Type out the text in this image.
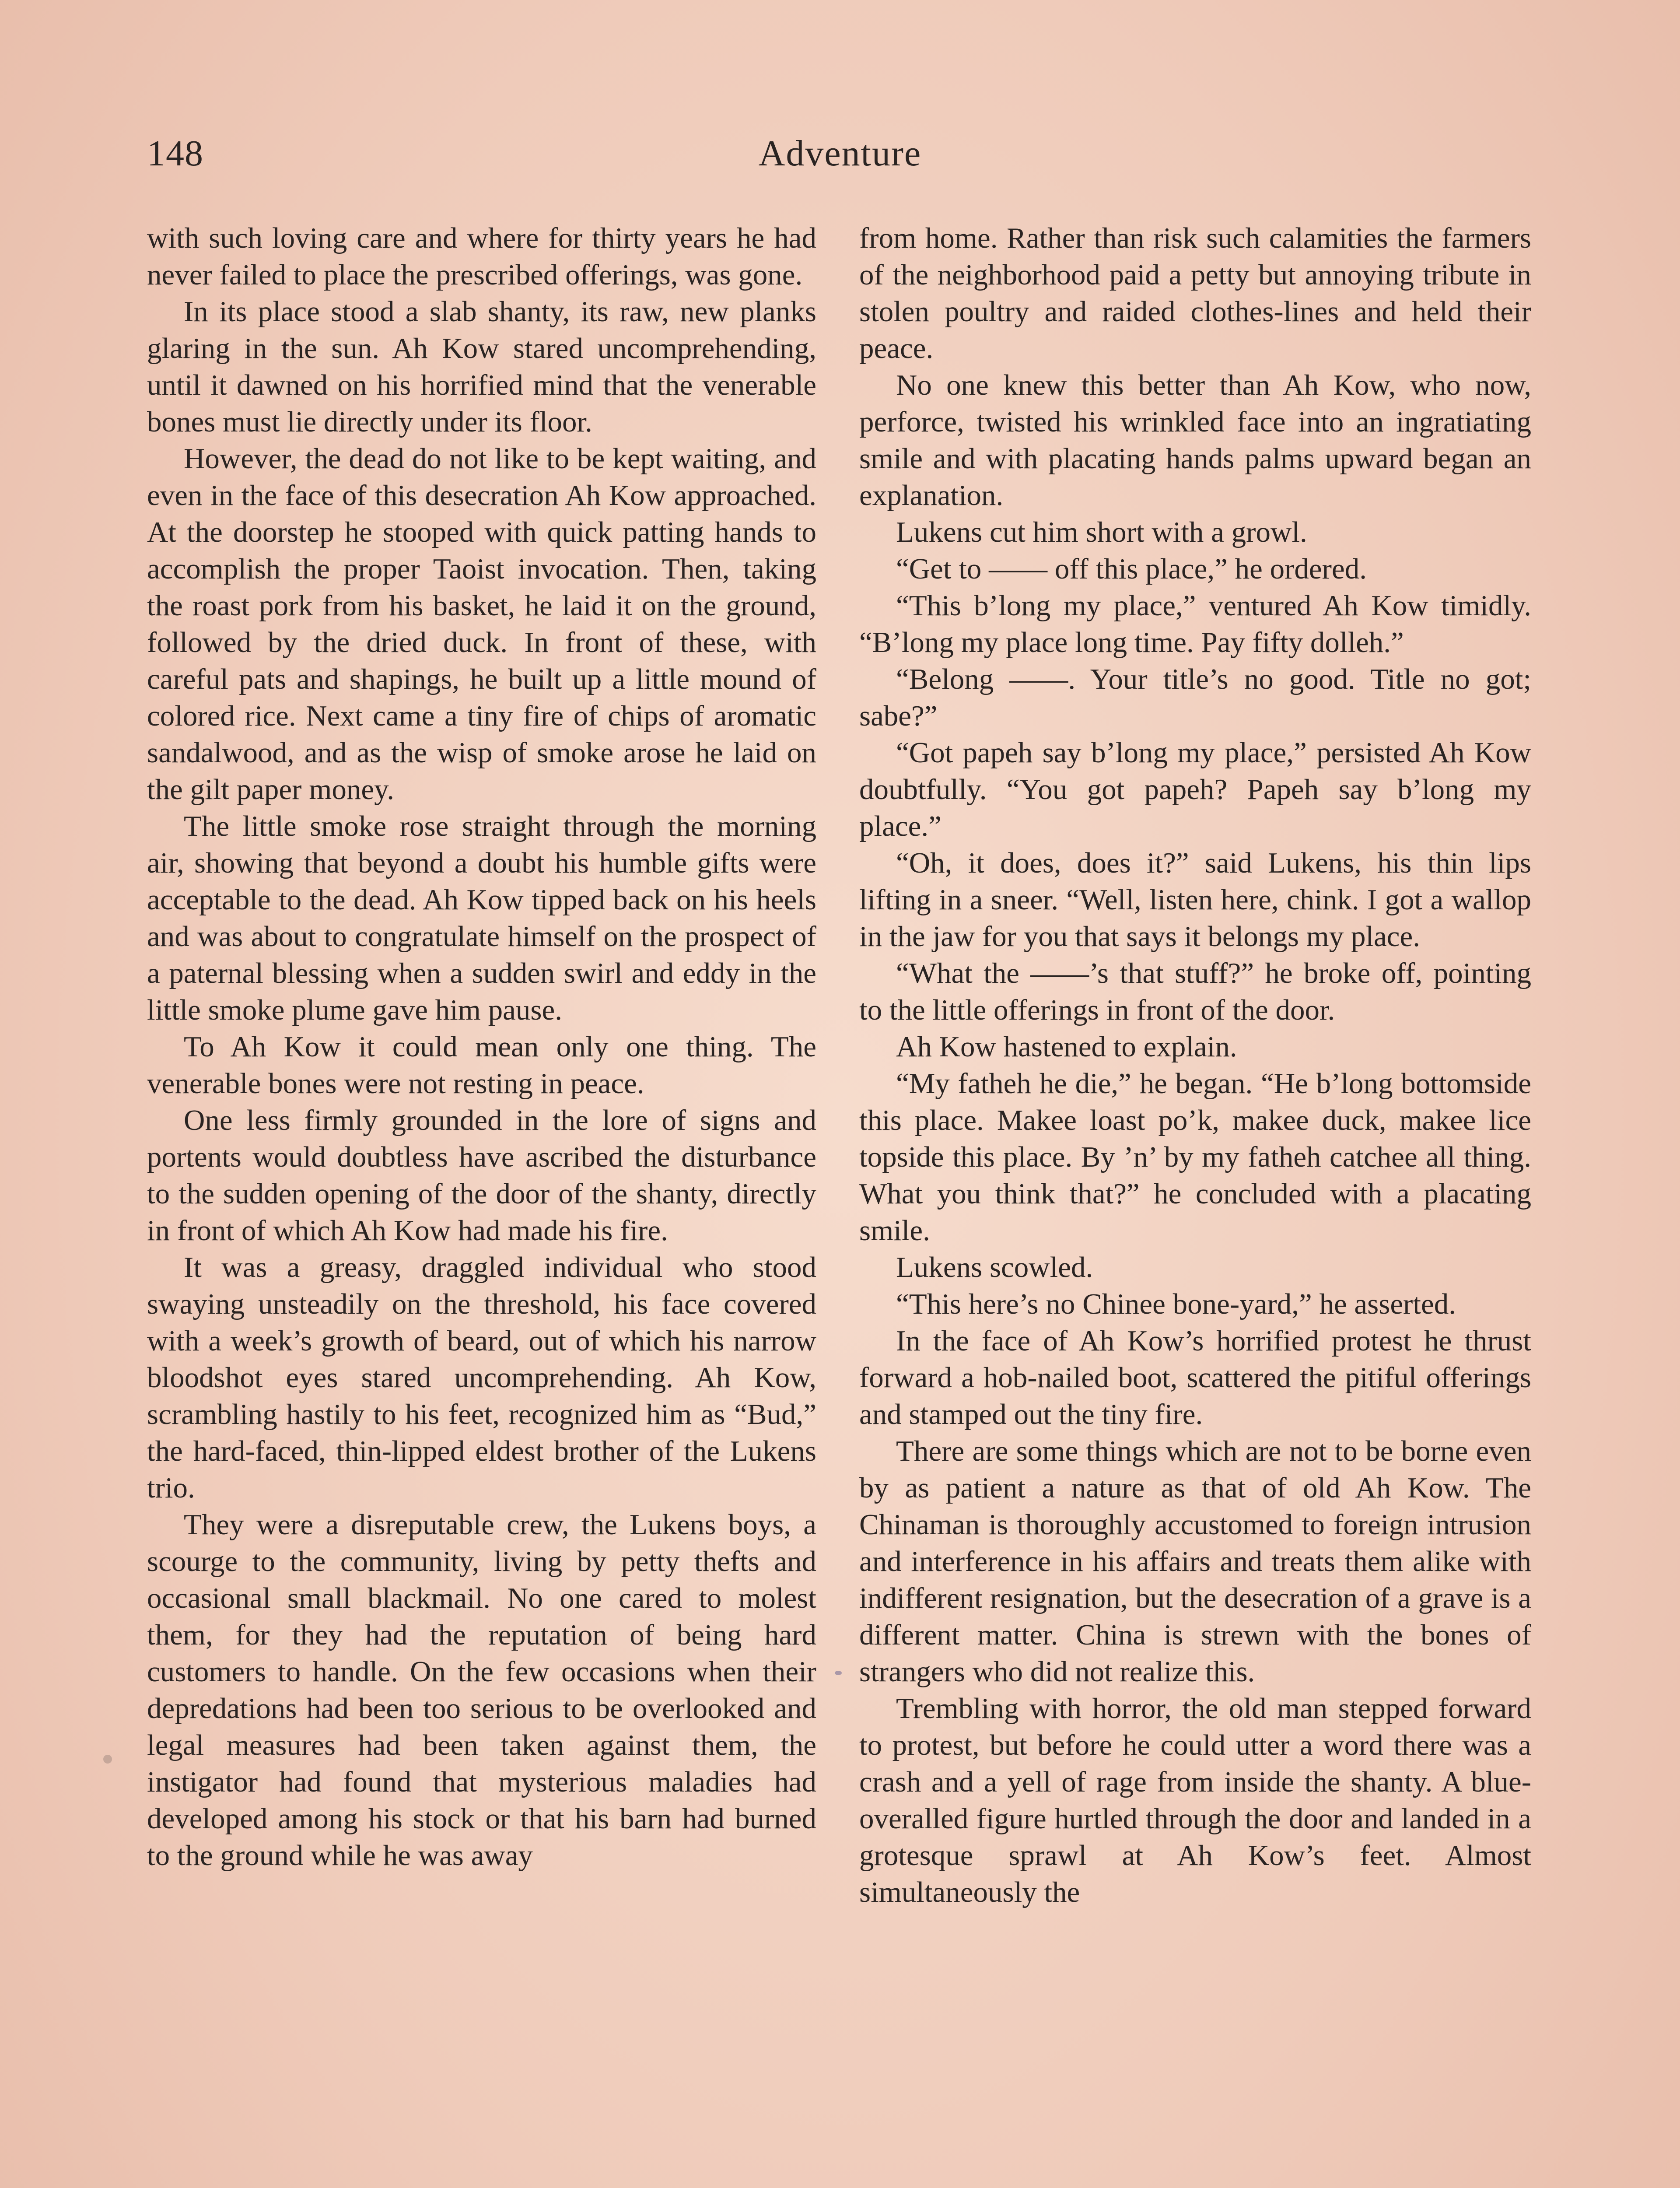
148	Adventure

with such loving care and where for thirty years he had never failed to place the prescribed offerings, was gone.

In its place stood a slab shanty, its raw, new planks glaring in the sun. Ah Kow stared uncomprehending, until it dawned on his horrified mind that the venerable bones must lie directly under its floor.

However, the dead do not like to be kept waiting, and even in the face of this desecration Ah Kow approached. At the doorstep he stooped with quick patting hands to accomplish the proper Taoist invocation. Then, taking the roast pork from his basket, he laid it on the ground, followed by the dried duck. In front of these, with careful pats and shapings, he built up a little mound of colored rice. Next came a tiny fire of chips of aromatic sandalwood, and as the wisp of smoke arose he laid on the gilt paper money.

The little smoke rose straight through the morning air, showing that beyond a doubt his humble gifts were acceptable to the dead. Ah Kow tipped back on his heels and was about to congratulate himself on the prospect of a paternal blessing when a sudden swirl and eddy in the little smoke plume gave him pause.

To Ah Kow it could mean only one thing. The venerable bones were not resting in peace.

One less firmly grounded in the lore of signs and portents would doubtless have ascribed the disturbance to the sudden opening of the door of the shanty, directly in front of which Ah Kow had made his fire.

It was a greasy, draggled individual who stood swaying unsteadily on the threshold, his face covered with a week’s growth of beard, out of which his narrow bloodshot eyes stared uncomprehending. Ah Kow, scrambling hastily to his feet, recognized him as “Bud,” the hard-faced, thin-lipped eldest brother of the Lukens trio.

They were a disreputable crew, the Lukens boys, a scourge to the community, living by petty thefts and occasional small blackmail. No one cared to molest them, for they had the reputation of being hard customers to handle. On the few occasions when their depredations had been too serious to be overlooked and legal measures had been taken against them, the instigator had found that mysterious maladies had developed among his stock or that his barn had burned to the ground while he was away

from home. Rather than risk such calamities the farmers of the neighborhood paid a petty but annoying tribute in stolen poultry and raided clothes-lines and held their peace.

No one knew this better than Ah Kow, who now, perforce, twisted his wrinkled face into an ingratiating smile and with placating hands palms upward began an explanation.

Lukens cut him short with a growl.

“Get to —— off this place,” he ordered.

“This b’long my place,” ventured Ah Kow timidly. “B’long my place long time. Pay fifty dolleh.”

“Belong ——. Your title’s no good. Title no got; sabe?”

“Got papeh say b’long my place,” persisted Ah Kow doubtfully. “You got papeh? Papeh say b’long my place.”

“Oh, it does, does it?” said Lukens, his thin lips lifting in a sneer. “Well, listen here, chink. I got a wallop in the jaw for you that says it belongs my place.

“What the ——’s that stuff?” he broke off, pointing to the little offerings in front of the door.

Ah Kow hastened to explain.

“My fatheh he die,” he began. “He b’long bottomside this place. Makee loast po’k, makee duck, makee lice topside this place. By ’n’ by my fatheh catchee all thing. What you think that?” he concluded with a placating smile.

Lukens scowled.

“This here’s no Chinee bone-yard,” he asserted.

In the face of Ah Kow’s horrified protest he thrust forward a hob-nailed boot, scattered the pitiful offerings and stamped out the tiny fire.

There are some things which are not to be borne even by as patient a nature as that of old Ah Kow. The Chinaman is thoroughly accustomed to foreign intrusion and interference in his affairs and treats them alike with indifferent resignation, but the desecration of a grave is a different matter. China is strewn with the bones of strangers who did not realize this.

Trembling with horror, the old man stepped forward to protest, but before he could utter a word there was a crash and a yell of rage from inside the shanty. A blue-overalled figure hurtled through the door and landed in a grotesque sprawl at Ah Kow’s feet. Almost simultaneously the
